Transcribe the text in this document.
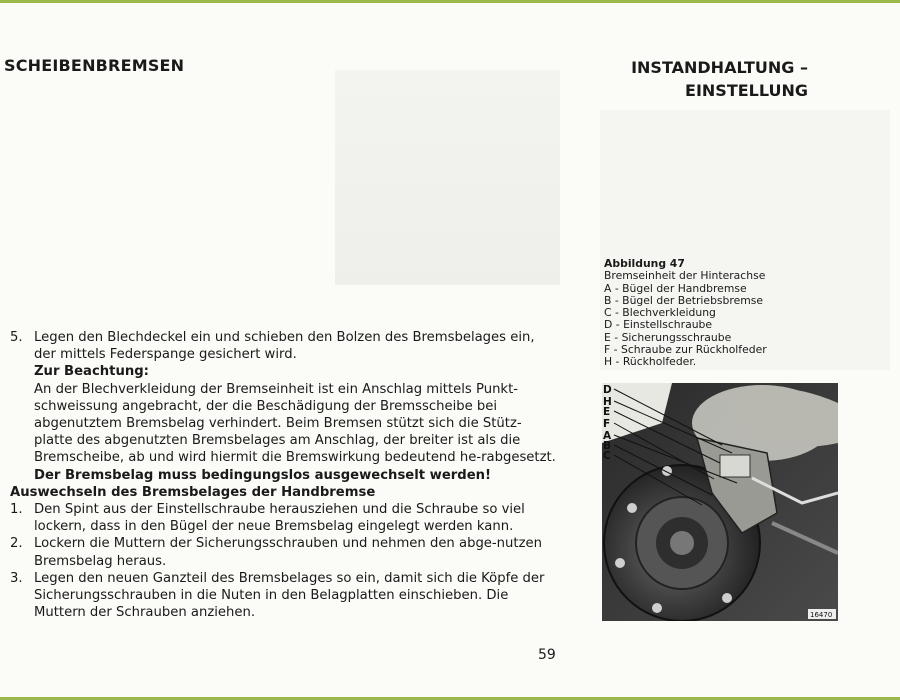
SCHEIBENBREMSEN	INSTANDHALTUNG –
EINSTELLUNG
5. Legen den Blechdeckel ein und schieben den Bolzen des Bremsbelages ein, der mittels Federspange gesichert wird.
Zur Beachtung:
An der Blechverkleidung der Bremseinheit ist ein Anschlag mittels Punkt-schweissung angebracht, der die Beschädigung der Bremsscheibe bei abgenutztem Bremsbelag verhindert. Beim Bremsen stützt sich die Stütz-platte des abgenutzten Bremsbelages am Anschlag, der breiter ist als die Bremscheibe, ab und wird hiermit die Bremswirkung bedeutend he-rabgesetzt. Der Bremsbelag muss bedingungslos ausgewechselt werden!
Auswechseln des Bremsbelages der Handbremse
1. Den Spint aus der Einstellschraube herausziehen und die Schraube so viel lockern, dass in den Bügel der neue Bremsbelag eingelegt werden kann.
2. Lockern die Muttern der Sicherungsschrauben und nehmen den abge-nutzen Bremsbelag heraus.
3. Legen den neuen Ganzteil des Bremsbelages so ein, damit sich die Köpfe der Sicherungsschrauben in die Nuten in den Belagplatten einschieben. Die Muttern der Schrauben anziehen.
Abbildung 47
Bremseinheit der Hinterachse
A - Bügel der Handbremse
B - Bügel der Betriebsbremse
C - Blechverkleidung
D - Einstellschraube
E - Sicherungsschraube
F - Schraube zur Rückholfeder
H - Rückholfeder.
D
H
E
F
A
B
C
16470
59
